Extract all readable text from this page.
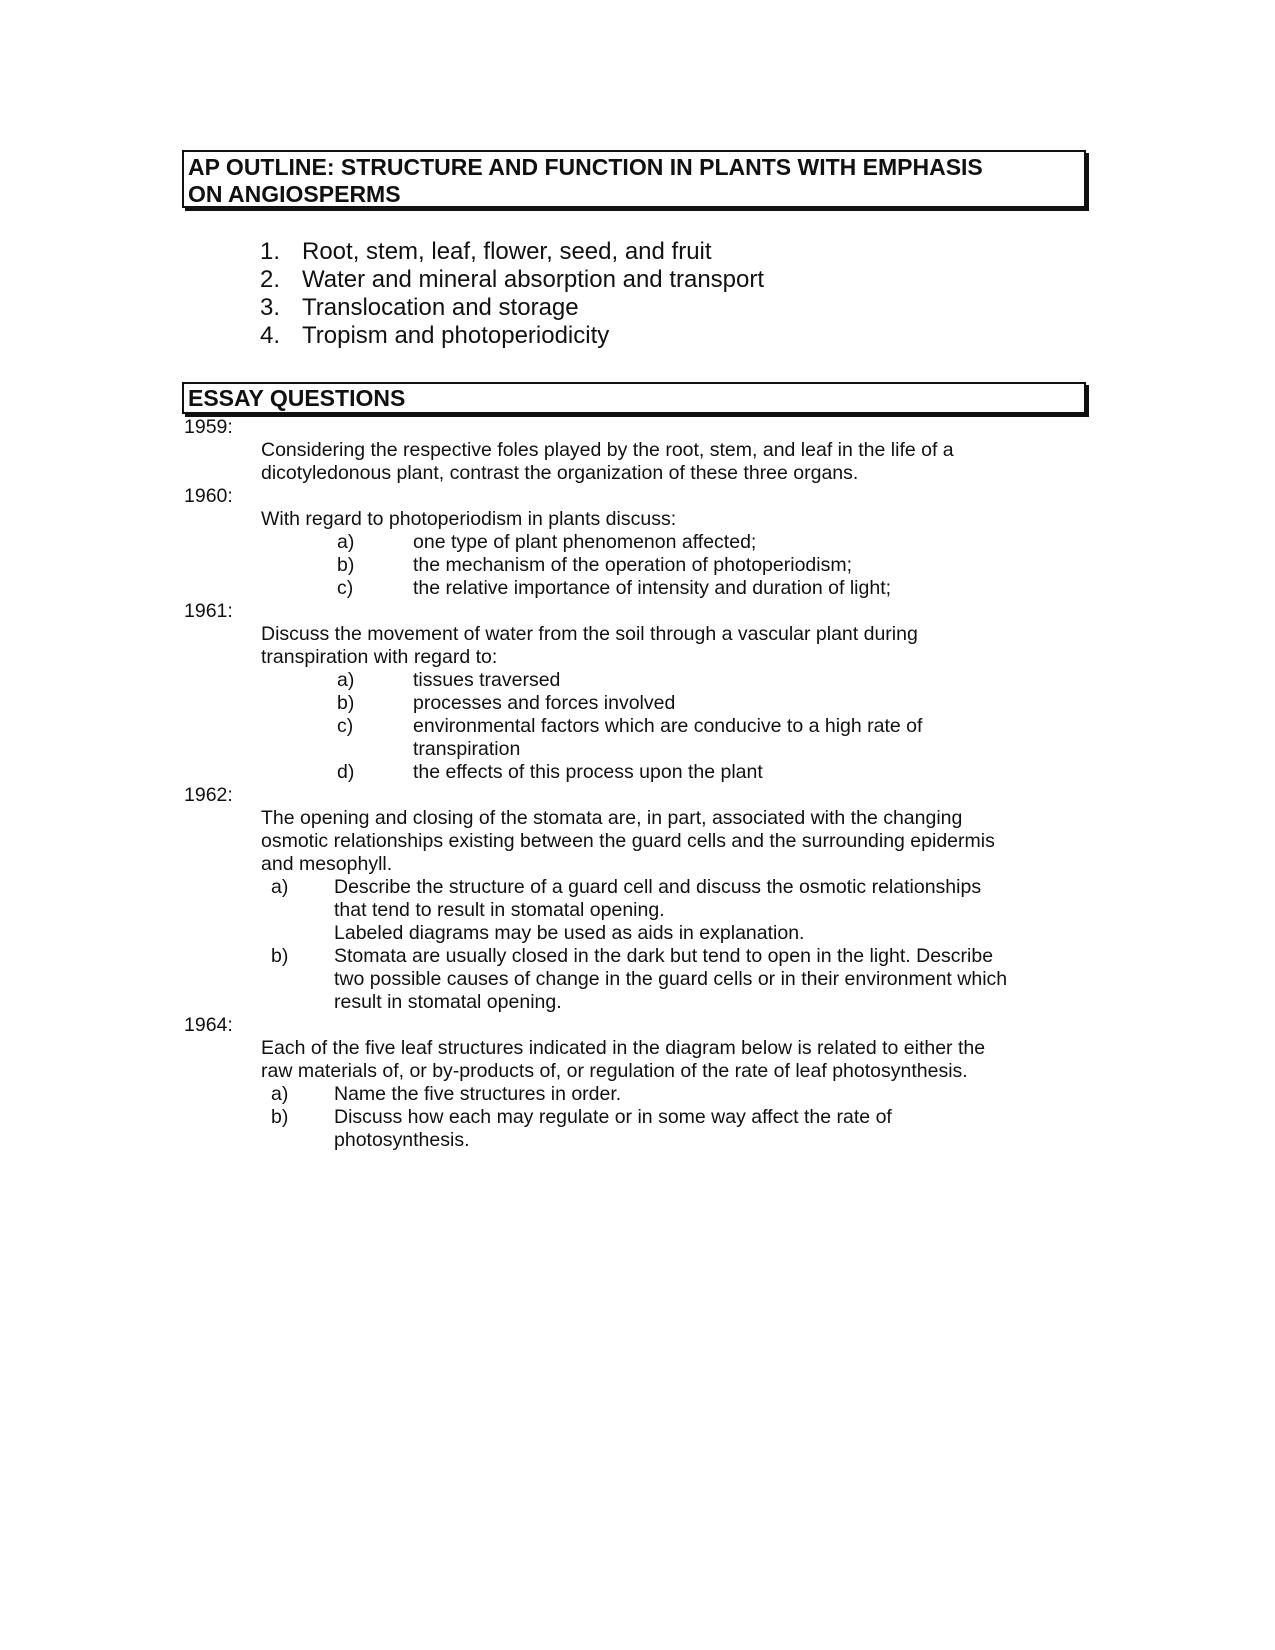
AP OUTLINE: STRUCTURE AND FUNCTION IN PLANTS WITH EMPHASIS
ON ANGIOSPERMS
1. Root, stem, leaf, flower, seed, and fruit
2. Water and mineral absorption and transport
3. Translocation and storage
4. Tropism and photoperiodicity
ESSAY QUESTIONS

1959:

Considering the respective foles played by the root, stem, and leaf in the life of a dicotyledonous plant, contrast the organization of these three organs.

1960:

With regard to photoperiodism in plants discuss:

a)	one type of plant phenomenon affected;
b)	the mechanism of the operation of photoperiodism;
c)	the relative importance of intensity and duration of light;

1961:

Discuss the movement of water from the soil through a vascular plant during transpiration with regard to:

a)	tissues traversed
b)	processes and forces involved
c)	environmental factors which are conducive to a high rate of transpiration
d)	the effects of this process upon the plant

1962:

The opening and closing of the stomata are, in part, associated with the changing osmotic relationships existing between the guard cells and the surrounding epidermis and mesophyll.

a)	Describe the structure of a guard cell and discuss the osmotic relationships that tend to result in stomatal opening.
Labeled diagrams may be used as aids in explanation.
b)	Stomata are usually closed in the dark but tend to open in the light. Describe two possible causes of change in the guard cells or in their environment which result in stomatal opening.

1964:

Each of the five leaf structures indicated in the diagram below is related to either the raw materials of, or by-products of, or regulation of the rate of leaf photosynthesis.

a)	Name the five structures in order.
b)	Discuss how each may regulate or in some way affect the rate of photosynthesis.
